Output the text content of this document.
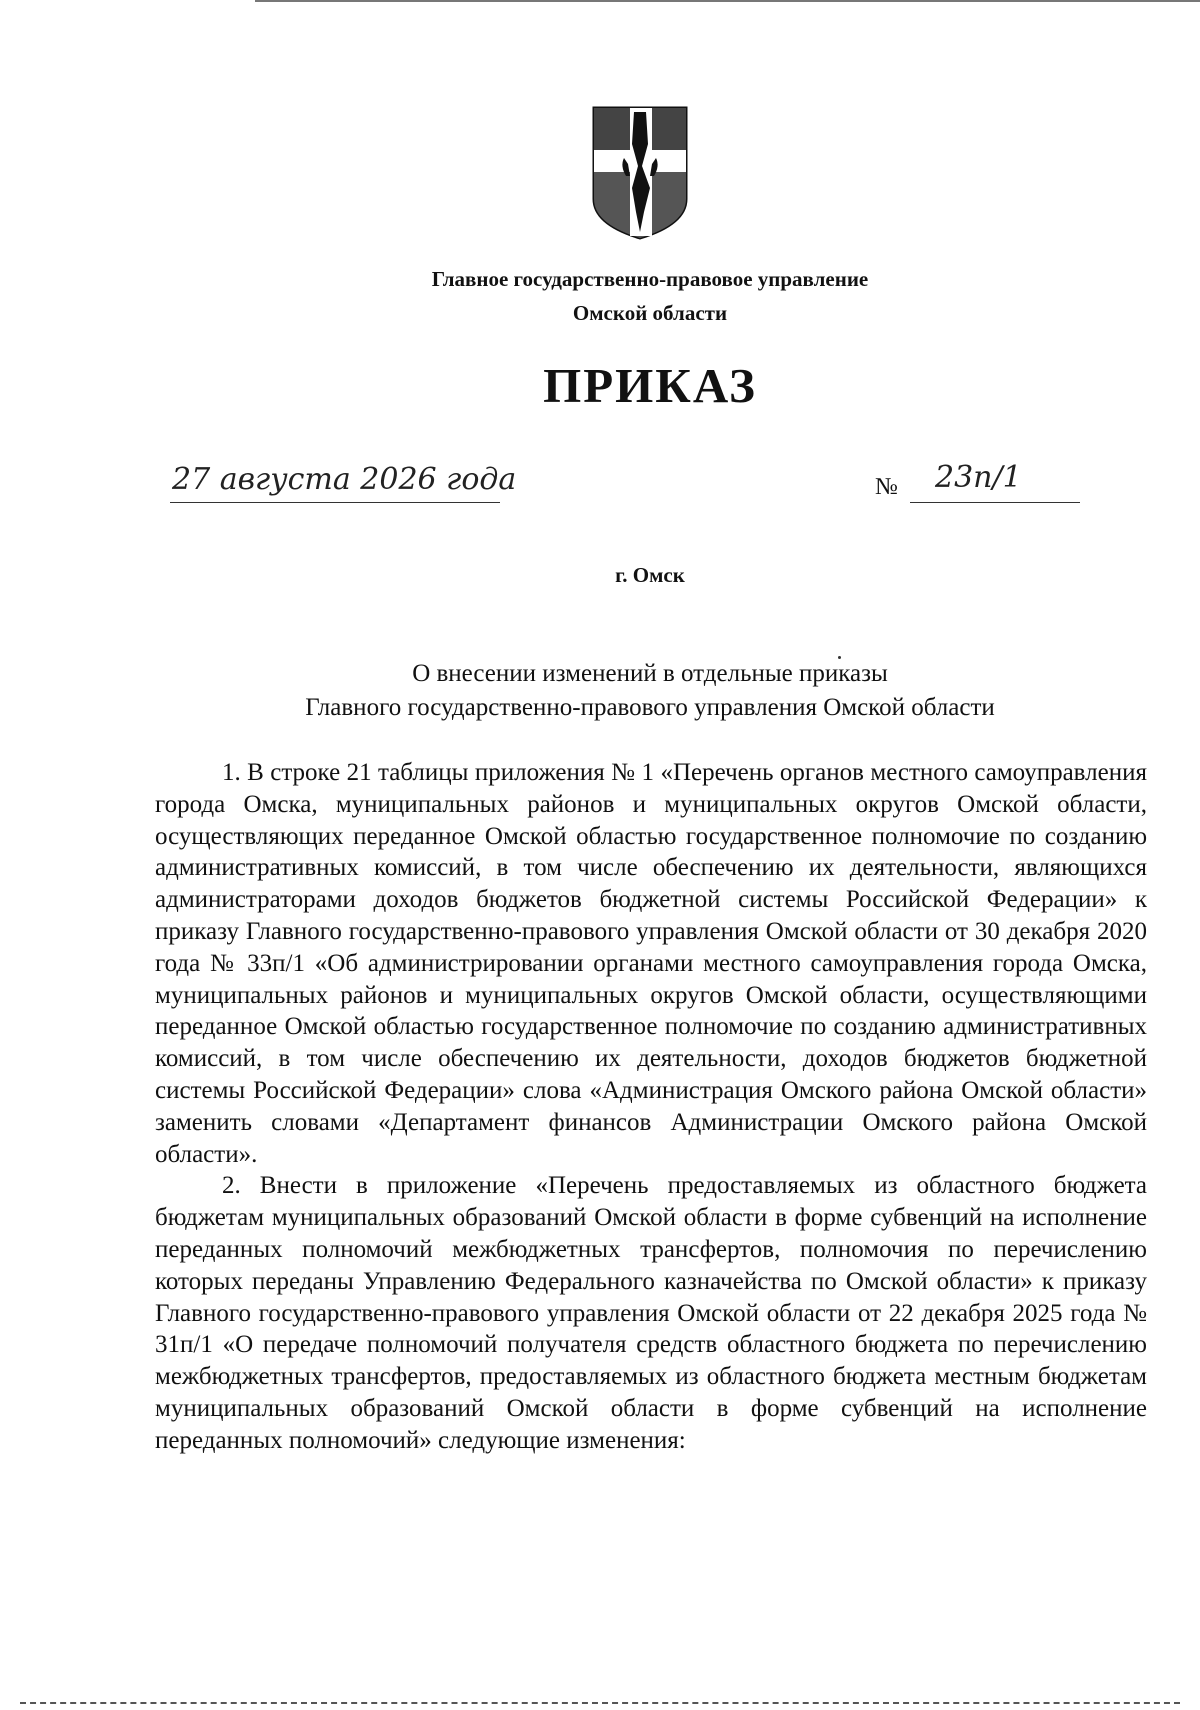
Главное государственно-правовое управление
Омской области
ПРИКАЗ
27 августа 2026 года	№ 23п/1
г. Омск
О внесении изменений в отдельные приказы
Главного государственно-правового управления Омской области

1. В строке 21 таблицы приложения № 1 «Перечень органов местного самоуправления города Омска, муниципальных районов и муниципальных округов Омской области, осуществляющих переданное Омской областью государственное полномочие по созданию административных комиссий, в том числе обеспечению их деятельности, являющихся администраторами доходов бюджетов бюджетной системы Российской Федерации» к приказу Главного государственно-правового управления Омской области от 30 декабря 2020 года № 33п/1 «Об администрировании органами местного самоуправления города Омска, муниципальных районов и муниципальных округов Омской области, осуществляющими переданное Омской областью государственное полномочие по созданию административных комиссий, в том числе обеспечению их деятельности, доходов бюджетов бюджетной системы Российской Федерации» слова «Администрация Омского района Омской области» заменить словами «Департамент финансов Администрации Омского района Омской области».

2. Внести в приложение «Перечень предоставляемых из областного бюджета бюджетам муниципальных образований Омской области в форме субвенций на исполнение переданных полномочий межбюджетных трансфертов, полномочия по перечислению которых переданы Управлению Федерального казначейства по Омской области» к приказу Главного государственно-правового управления Омской области от 22 декабря 2025 года № 31п/1 «О передаче полномочий получателя средств областного бюджета по перечислению межбюджетных трансфертов, предоставляемых из областного бюджета местным бюджетам муниципальных образований Омской области в форме субвенций на исполнение переданных полномочий» следующие изменения:
